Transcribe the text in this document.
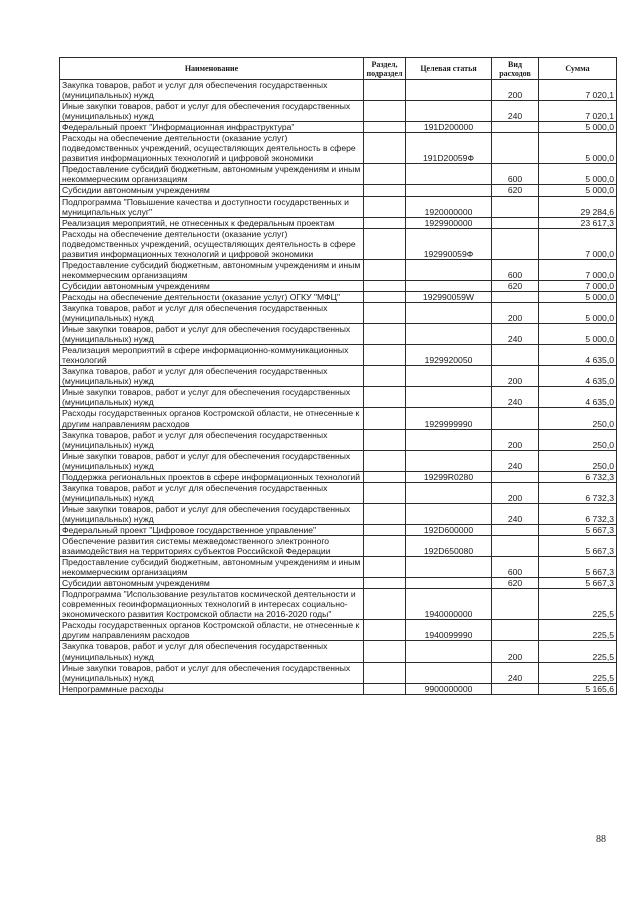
Наименование	Раздел, подраздел	Целевая статья	Вид расходов	Сумма
Закупка товаров, работ и услуг для обеспечения государственных (муниципальных) нужд			200	7 020,1
Иные закупки товаров, работ и услуг для обеспечения государственных (муниципальных) нужд			240	7 020,1
Федеральный проект "Информационная инфраструктура"		191D200000		5 000,0
Расходы на обеспечение деятельности (оказание услуг) подведомственных учреждений, осуществляющих деятельность в сфере развития информационных технологий и цифровой экономики		191D20059Ф		5 000,0
Предоставление субсидий бюджетным, автономным учреждениям и иным некоммерческим организациям			600	5 000,0
Субсидии автономным учреждениям			620	5 000,0
Подпрограмма "Повышение качества и доступности государственных и муниципальных услуг"		1920000000		29 284,6
Реализация мероприятий, не отнесенных к федеральным проектам		1929900000		23 617,3
Расходы на обеспечение деятельности (оказание услуг) подведомственных учреждений, осуществляющих деятельность в сфере развития информационных технологий и цифровой экономики		192990059Ф		7 000,0
Предоставление субсидий бюджетным, автономным учреждениям и иным некоммерческим организациям			600	7 000,0
Субсидии автономным учреждениям			620	7 000,0
Расходы на обеспечение деятельности (оказание услуг) ОГКУ "МФЦ"		192990059W		5 000,0
Закупка товаров, работ и услуг для обеспечения государственных (муниципальных) нужд			200	5 000,0
Иные закупки товаров, работ и услуг для обеспечения государственных (муниципальных) нужд			240	5 000,0
Реализация мероприятий в сфере информационно-коммуникационных технологий		1929920050		4 635,0
Закупка товаров, работ и услуг для обеспечения государственных (муниципальных) нужд			200	4 635,0
Иные закупки товаров, работ и услуг для обеспечения государственных (муниципальных) нужд			240	4 635,0
Расходы государственных органов Костромской области, не отнесенные к другим направлениям расходов		1929999990		250,0
Закупка товаров, работ и услуг для обеспечения государственных (муниципальных) нужд			200	250,0
Иные закупки товаров, работ и услуг для обеспечения государственных (муниципальных) нужд			240	250,0
Поддержка региональных проектов в сфере информационных технологий		19299R0280		6 732,3
Закупка товаров, работ и услуг для обеспечения государственных (муниципальных) нужд			200	6 732,3
Иные закупки товаров, работ и услуг для обеспечения государственных (муниципальных) нужд			240	6 732,3
Федеральный проект "Цифровое государственное управление"		192D600000		5 667,3
Обеспечение развития системы межведомственного электронного взаимодействия на территориях субъектов Российской Федерации		192D650080		5 667,3
Предоставление субсидий бюджетным, автономным учреждениям и иным некоммерческим организациям			600	5 667,3
Субсидии автономным учреждениям			620	5 667,3
Подпрограмма "Использование результатов космической деятельности и современных геоинформационных технологий в интересах социально-экономического развития Костромской области на 2016-2020 годы"		1940000000		225,5
Расходы государственных органов Костромской области, не отнесенные к другим направлениям расходов		1940099990		225,5
Закупка товаров, работ и услуг для обеспечения государственных (муниципальных) нужд			200	225,5
Иные закупки товаров, работ и услуг для обеспечения государственных (муниципальных) нужд			240	225,5
Непрограммные расходы		9900000000		5 165,6
88
